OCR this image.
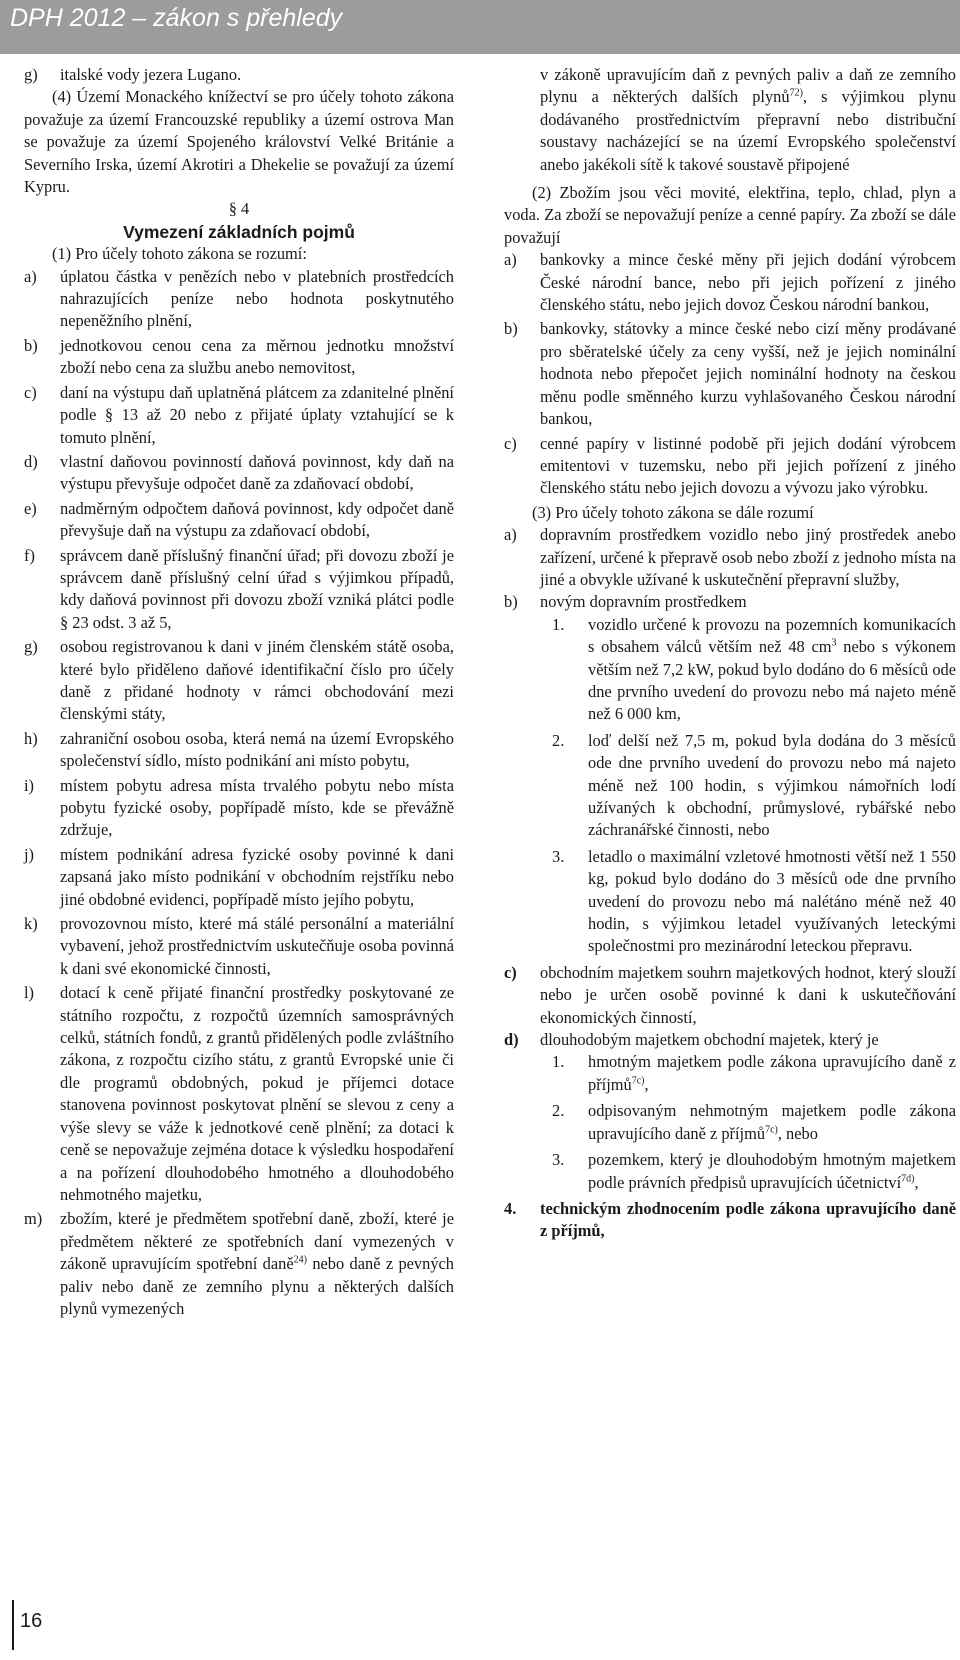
DPH 2012 – zákon s přehledy
g)	italské vody jezera Lugano.
(4) Území Monackého knížectví se pro účely tohoto zákona považuje za území Francouzské republiky a území ostrova Man se považuje za území Spojeného království Velké Británie a Severního Irska, území Akrotiri a Dhekelie se považují za území Kypru.
§ 4
Vymezení základních pojmů
(1) Pro účely tohoto zákona se rozumí:
a)	úplatou částka v penězích nebo v platebních prostředcích nahrazujících peníze nebo hodnota poskytnutého nepeněžního plnění,
b)	jednotkovou cenou cena za měrnou jednotku množství zboží nebo cena za službu anebo nemovitost,
c)	daní na výstupu daň uplatněná plátcem za zdanitelné plnění podle § 13 až 20 nebo z přijaté úplaty vztahující se k tomuto plnění,
d)	vlastní daňovou povinností daňová povinnost, kdy daň na výstupu převyšuje odpočet daně za zdaňovací období,
e)	nadměrným odpočtem daňová povinnost, kdy odpočet daně převyšuje daň na výstupu za zdaňovací období,
f)	správcem daně příslušný finanční úřad; při dovozu zboží je správcem daně příslušný celní úřad s výjimkou případů, kdy daňová povinnost při dovozu zboží vzniká plátci podle § 23 odst. 3 až 5,
g)	osobou registrovanou k dani v jiném členském státě osoba, které bylo přiděleno daňové identifikační číslo pro účely daně z přidané hodnoty v rámci obchodování mezi členskými státy,
h)	zahraniční osobou osoba, která nemá na území Evropského společenství sídlo, místo podnikání ani místo pobytu,
i)	místem pobytu adresa místa trvalého pobytu nebo místa pobytu fyzické osoby, popřípadě místo, kde se převážně zdržuje,
j)	místem podnikání adresa fyzické osoby povinné k dani zapsaná jako místo podnikání v obchodním rejstříku nebo jiné obdobné evidenci, popřípadě místo jejího pobytu,
k)	provozovnou místo, které má stálé personální a materiální vybavení, jehož prostřednictvím uskutečňuje osoba povinná k dani své ekonomické činnosti,
l)	dotací k ceně přijaté finanční prostředky poskytované ze státního rozpočtu, z rozpočtů územních samosprávných celků, státních fondů, z grantů přidělených podle zvláštního zákona, z rozpočtu cizího státu, z grantů Evropské unie či dle programů obdobných, pokud je příjemci dotace stanovena povinnost poskytovat plnění se slevou z ceny a výše slevy se váže k jednotkové ceně plnění; za dotaci k ceně se nepovažuje zejména dotace k výsledku hospodaření a na pořízení dlouhodobého hmotného a dlouhodobého nehmotného majetku,
m)	zbožím, které je předmětem spotřební daně, zboží, které je předmětem některé ze spotřebních daní vymezených v zákoně upravujícím spotřební daně$^{24)}$ nebo daně z pevných paliv nebo daně ze zemního plynu a některých dalších plynů vymezených
v zákoně upravujícím daň z pevných paliv a daň ze zemního plynu a některých dalších plynů$^{72)}$, s výjimkou plynu dodávaného prostřednictvím přepravní nebo distribuční soustavy nacházející se na území Evropského společenství anebo jakékoli sítě k takové soustavě připojené
(2) Zbožím jsou věci movité, elektřina, teplo, chlad, plyn a voda. Za zboží se nepovažují peníze a cenné papíry. Za zboží se dále považují
a)	bankovky a mince české měny při jejich dodání výrobcem České národní bance, nebo při jejich pořízení z jiného členského státu, nebo jejich dovoz Českou národní bankou,
b)	bankovky, státovky a mince české nebo cizí měny prodávané pro sběratelské účely za ceny vyšší, než je jejich nominální hodnota nebo přepočet jejich nominální hodnoty na českou měnu podle směnného kurzu vyhlašovaného Českou národní bankou,
c)	cenné papíry v listinné podobě při jejich dodání výrobcem emitentovi v tuzemsku, nebo při jejich pořízení z jiného členského státu nebo jejich dovozu a vývozu jako výrobku.
(3) Pro účely tohoto zákona se dále rozumí
a)	dopravním prostředkem vozidlo nebo jiný prostředek anebo zařízení, určené k přepravě osob nebo zboží z jednoho místa na jiné a obvykle užívané k uskutečnění přepravní služby,
b)	novým dopravním prostředkem
1.	vozidlo určené k provozu na pozemních komunikacích s obsahem válců větším než 48 $cm^3$ nebo s výkonem větším než 7,2 kW, pokud bylo dodáno do 6 měsíců ode dne prvního uvedení do provozu nebo má najeto méně než 6 000 km,
2.	loď delší než 7,5 m, pokud byla dodána do 3 měsíců ode dne prvního uvedení do provozu nebo má najeto méně než 100 hodin, s výjimkou námořních lodí užívaných k obchodní, průmyslové, rybářské nebo záchranářské činnosti, nebo
3.	letadlo o maximální vzletové hmotnosti větší než 1 550 kg, pokud bylo dodáno do 3 měsíců ode dne prvního uvedení do provozu nebo má nalétáno méně než 40 hodin, s výjimkou letadel využívaných leteckými společnostmi pro mezinárodní leteckou přepravu.
c)	obchodním majetkem souhrn majetkových hodnot, který slouží nebo je určen osobě povinné k dani k uskutečňování ekonomických činností,
d)	dlouhodobým majetkem obchodní majetek, který je
1.	hmotným majetkem podle zákona upravujícího daně z příjmů$^{7c)}$,
2.	odpisovaným nehmotným majetkem podle zákona upravujícího daně z příjmů$^{7c)}$, nebo
3.	pozemkem, který je dlouhodobým hmotným majetkem podle právních předpisů upravujících účetnictví$^{7d)}$,
4.	technickým zhodnocením podle zákona upravujícího daně z příjmů,
16
